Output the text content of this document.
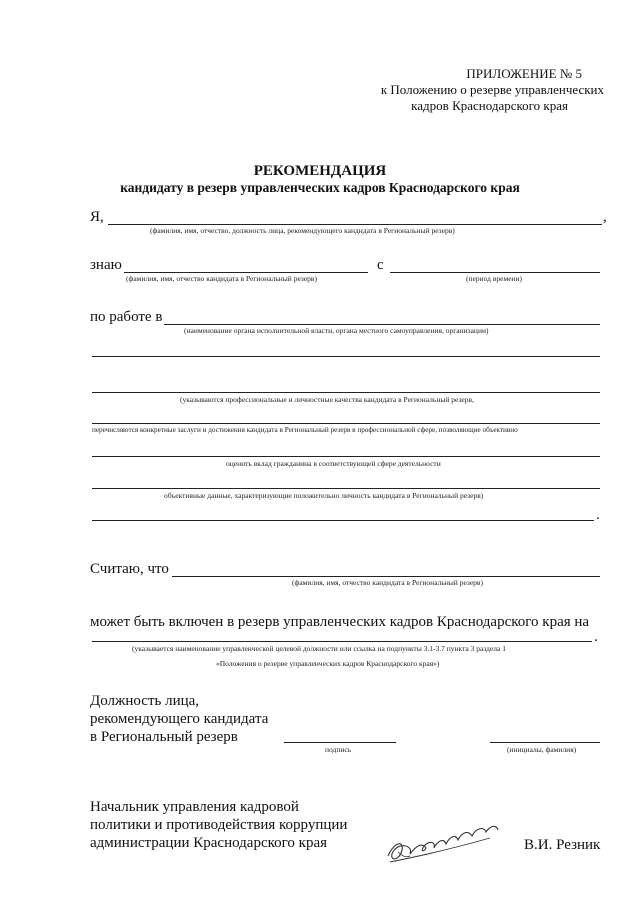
ПРИЛОЖЕНИЕ № 5
к Положению о резерве управленческих
кадров Краснодарского края
РЕКОМЕНДАЦИЯ
кандидату в резерв управленческих кадров Краснодарского края
Я,	,
(фамилия, имя, отчество, должность лица, рекомендующего кандидата в Региональный резерв)
знаю
(фамилия, имя, отчество кандидата в Региональный резерв)
с
(период времени)
по работе в
(наименование органа исполнительной власти, органа местного самоуправления, организации)
(указываются профессиональные и личностные качества кандидата в Региональный резерв,
перечисляются конкретные заслуги и достижения кандидата в Региональный резерв в профессиональной сфере, позволяющие объективно
оценить вклад гражданина в соответствующей сфере деятельности
объективные данные, характеризующие положительно личность кандидата в Региональный резерв)
.
Считаю, что
(фамилия, имя, отчество кандидата в Региональный резерв)
может быть включен в резерв управленческих кадров Краснодарского края на
.
(указывается наименование управленческой целевой должности или ссылка на подпункты 3.1-3.7 пункта 3 раздела 1
«Положения о резерве управленческих кадров Краснодарского края»)
Должность лица,
рекомендующего кандидата
в Региональный резерв
подпись	(инициалы, фамилия)
Начальник управления кадровой
политики и противодействия коррупции
администрации Краснодарского края	В.И. Резник
